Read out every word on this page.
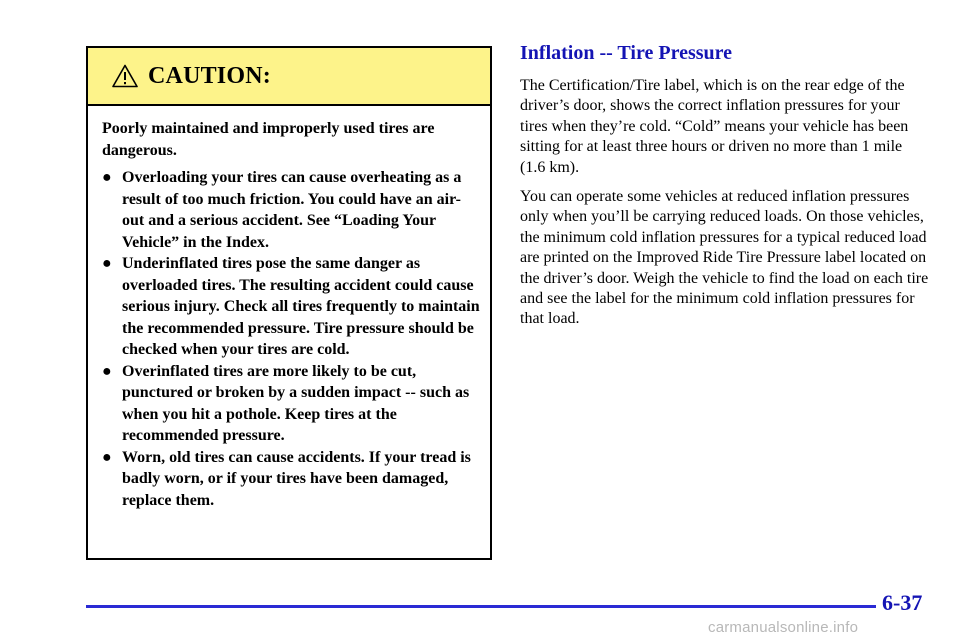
CAUTION:

Poorly maintained and improperly used tires are dangerous.

● Overloading your tires can cause overheating as a result of too much friction. You could have an air-out and a serious accident. See “Loading Your Vehicle” in the Index.
● Underinflated tires pose the same danger as overloaded tires. The resulting accident could cause serious injury. Check all tires frequently to maintain the recommended pressure. Tire pressure should be checked when your tires are cold.
● Overinflated tires are more likely to be cut, punctured or broken by a sudden impact -- such as when you hit a pothole. Keep tires at the recommended pressure.
● Worn, old tires can cause accidents. If your tread is badly worn, or if your tires have been damaged, replace them.
Inflation -- Tire Pressure

The Certification/Tire label, which is on the rear edge of the driver’s door, shows the correct inflation pressures for your tires when they’re cold. “Cold” means your vehicle has been sitting for at least three hours or driven no more than 1 mile (1.6 km).

You can operate some vehicles at reduced inflation pressures only when you’ll be carrying reduced loads. On those vehicles, the minimum cold inflation pressures for a typical reduced load are printed on the Improved Ride Tire Pressure label located on the driver’s door. Weigh the vehicle to find the load on each tire and see the label for the minimum cold inflation pressures for that load.

6-37
carmanualsonline.info
